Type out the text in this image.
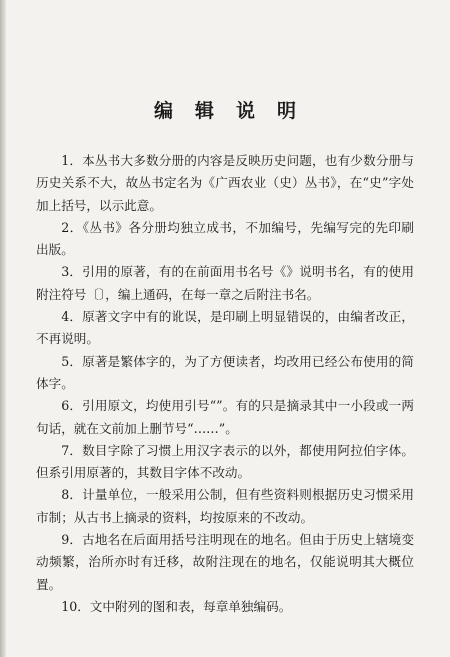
编辑说明
1．本丛书大多数分册的内容是反映历史问题，也有少数分册与历史关系不大，故丛书定名为《广西农业（史）丛书》，在“史”字处加上括号，以示此意。
2．《丛书》各分册均独立成书，不加编号，先编写完的先印刷出版。
3．引用的原著，有的在前面用书名号《》说明书名，有的使用附注符号〔〕，编上通码，在每一章之后附注书名。
4．原著文字中有的讹误，是印刷上明显错误的，由编者改正，不再说明。
5．原著是繁体字的，为了方便读者，均改用已经公布使用的简体字。
6．引用原文，均使用引号“”。有的只是摘录其中一小段或一两句话，就在文前加上删节号“……”。
7．数目字除了习惯上用汉字表示的以外，都使用阿拉伯字体。但系引用原著的，其数目字体不改动。
8．计量单位，一般采用公制，但有些资料则根据历史习惯采用市制；从古书上摘录的资料，均按原来的不改动。
9．古地名在后面用括号注明现在的地名。但由于历史上辖境变动频繁，治所亦时有迁移，故附注现在的地名，仅能说明其大概位置。
10．文中附列的图和表，每章单独编码。
